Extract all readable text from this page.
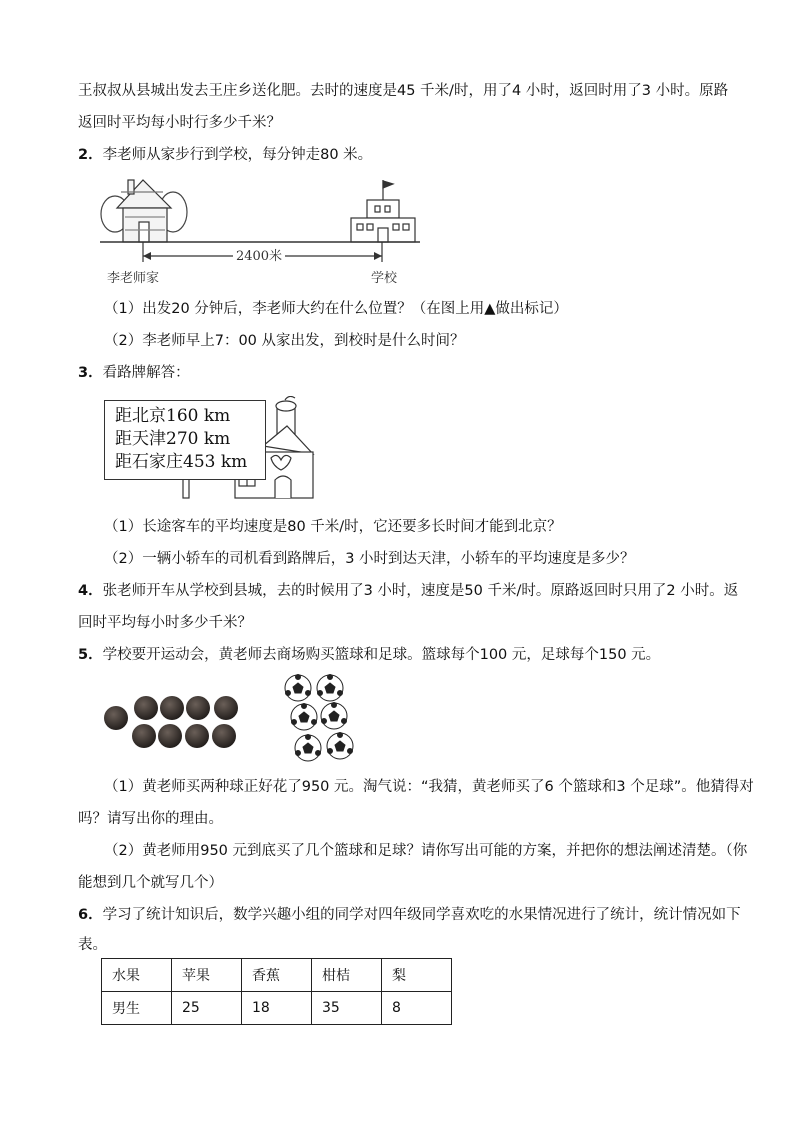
王叔叔从县城出发去王庄乡送化肥。去时的速度是45 千米/时，用了4 小时，返回时用了3 小时。原路
返回时平均每小时行多少千米？
2．李老师从家步行到学校，每分钟走80 米。
2400米
李老师家	学校
（1）出发20 分钟后，李老师大约在什么位置？（在图上用▲做出标记）
（2）李老师早上7：00 从家出发，到校时是什么时间？
3．看路牌解答：
距北京160 km
距天津270 km
距石家庄453 km
（1）长途客车的平均速度是80 千米/时，它还要多长时间才能到北京？
（2）一辆小轿车的司机看到路牌后，3 小时到达天津，小轿车的平均速度是多少？
4．张老师开车从学校到县城，去的时候用了3 小时，速度是50 千米/时。原路返回时只用了2 小时。返
回时平均每小时多少千米？
5．学校要开运动会，黄老师去商场购买篮球和足球。篮球每个100 元，足球每个150 元。
（1）黄老师买两种球正好花了950 元。淘气说：“我猜，黄老师买了6 个篮球和3 个足球”。他猜得对
吗？请写出你的理由。
（2）黄老师用950 元到底买了几个篮球和足球？请你写出可能的方案，并把你的想法阐述清楚。（你
能想到几个就写几个）
6．学习了统计知识后，数学兴趣小组的同学对四年级同学喜欢吃的水果情况进行了统计，统计情况如下
表。
水果	苹果	香蕉	柑桔	梨
男生	25	18	35	8
